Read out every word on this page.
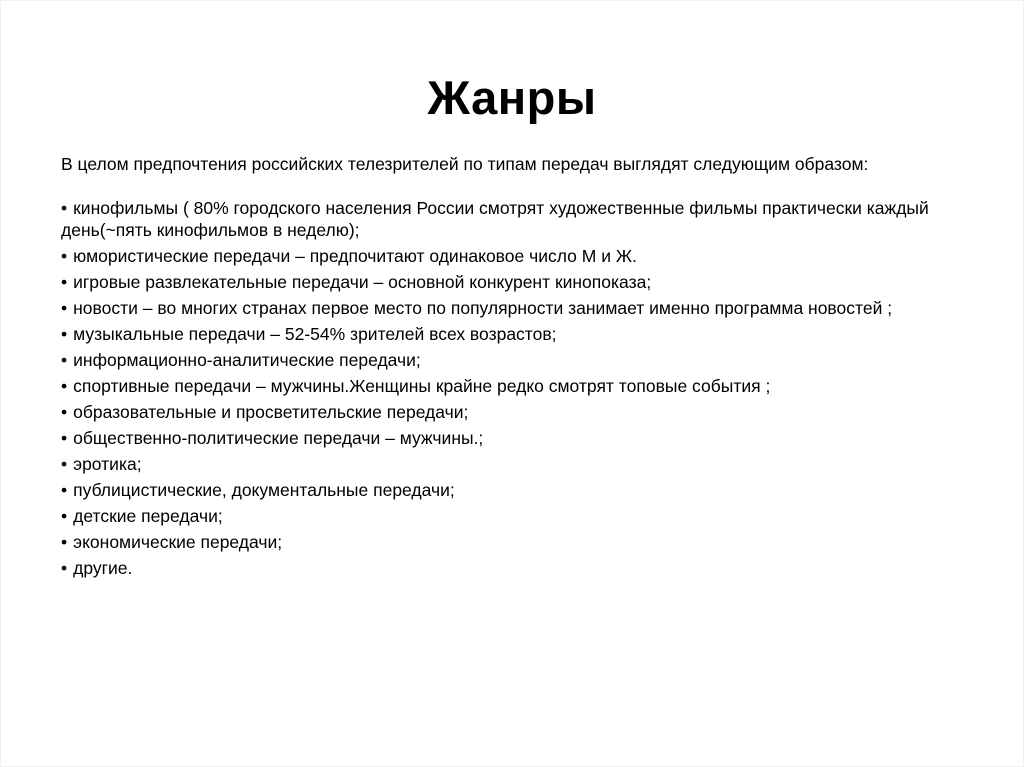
Жанры

В целом предпочтения российских телезрителей по типам передач выглядят следующим образом:

• кинофильмы ( 80% городского населения России смотрят художественные фильмы практически каждый день(~пять кинофильмов в неделю);
• юмористические передачи – предпочитают одинаковое число М и Ж.
• игровые развлекательные передачи – основной конкурент кинопоказа;
• новости – во многих странах первое место по популярности занимает именно программа новостей ;
• музыкальные передачи – 52-54% зрителей всех возрастов;
• информационно-аналитические передачи;
• спортивные передачи – мужчины.Женщины крайне редко смотрят топовые события ;
• образовательные и просветительские передачи;
• общественно-политические передачи – мужчины.;
• эротика;
• публицистические, документальные передачи;
• детские передачи;
• экономические передачи;
• другие.
